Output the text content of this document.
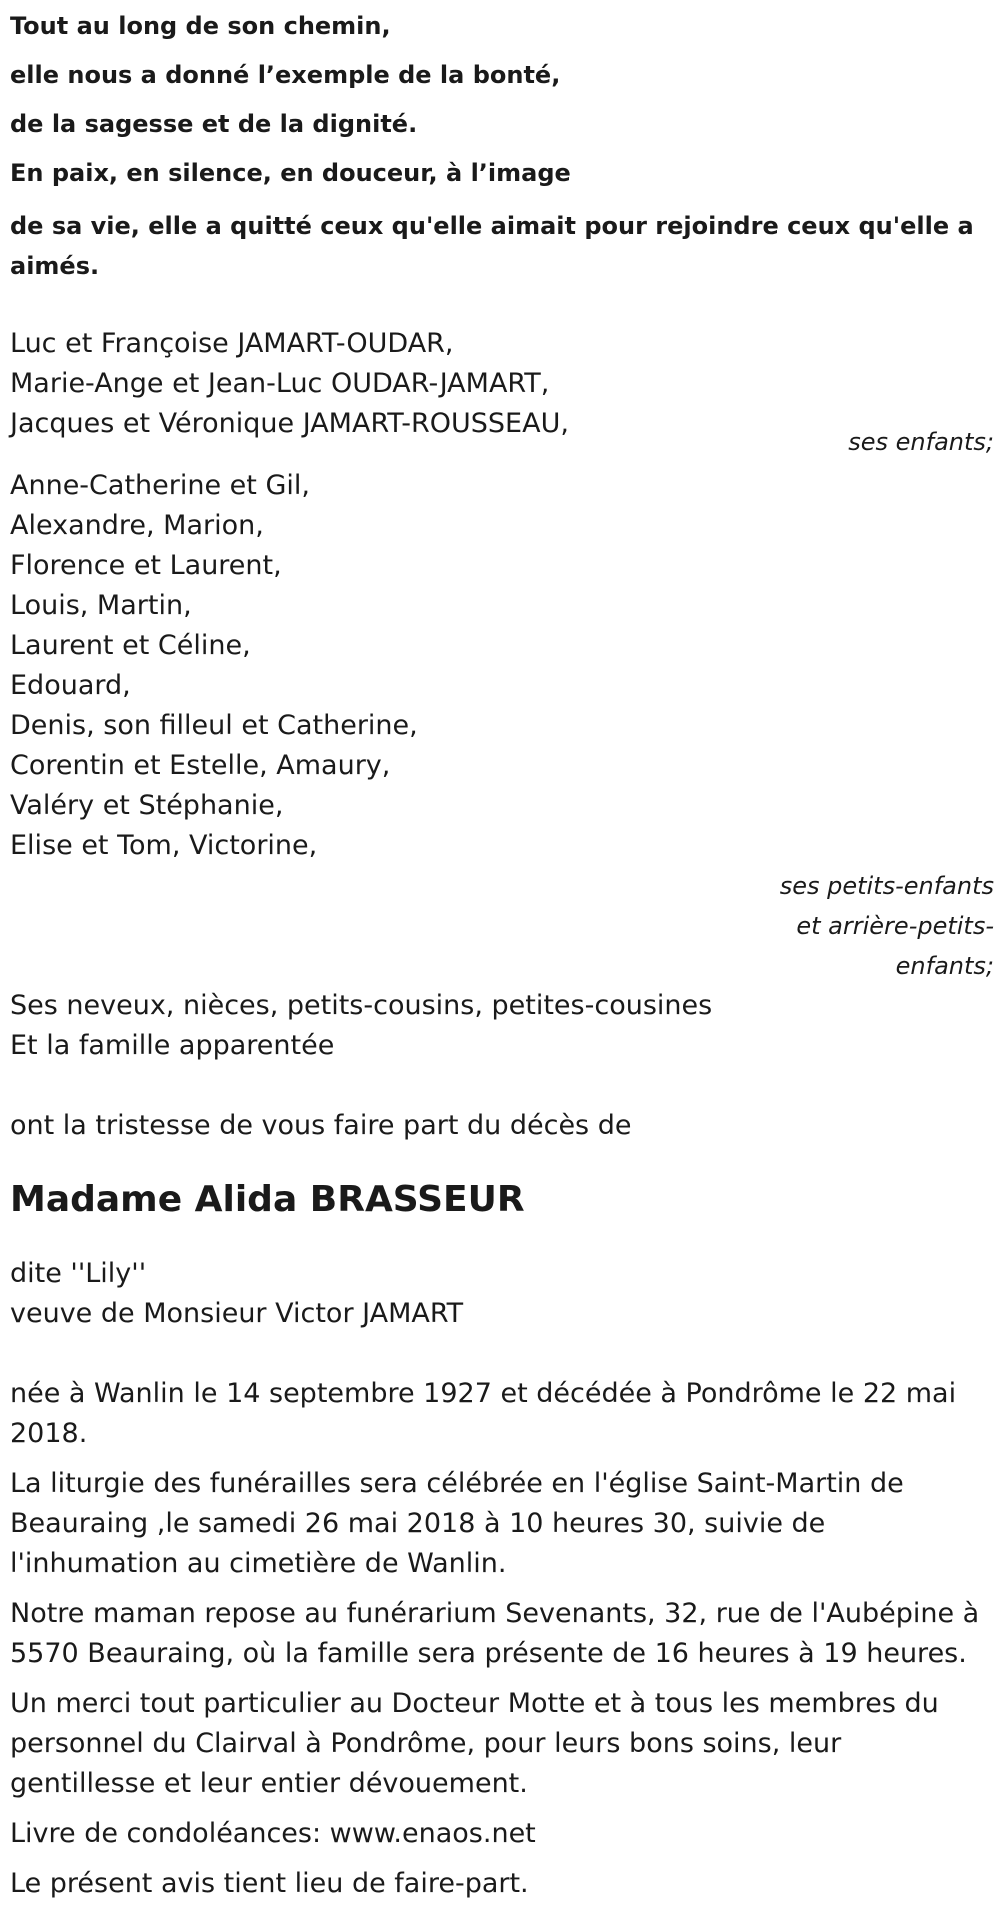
Tout au long de son chemin,

elle nous a donné l’exemple de la bonté,

de la sagesse et de la dignité.

En paix, en silence, en douceur, à l’image

de sa vie, elle a quitté ceux qu'elle aimait pour rejoindre ceux qu'elle a aimés.

Luc et Françoise JAMART-OUDAR,

Marie-Ange et Jean-Luc OUDAR-JAMART,

Jacques et Véronique JAMART-ROUSSEAU,

ses enfants;

Anne-Catherine et Gil,

Alexandre, Marion,

Florence et Laurent,

Louis, Martin,

Laurent et Céline,

Edouard,

Denis, son filleul et Catherine,

Corentin et Estelle, Amaury,

Valéry et Stéphanie,

Elise et Tom, Victorine,

ses petits-enfants

et arrière-petits-

enfants;

Ses neveux, nièces, petits-cousins, petites-cousines

Et la famille apparentée

ont la tristesse de vous faire part du décès de

Madame Alida BRASSEUR

dite ''Lily''

veuve de Monsieur Victor JAMART

née à Wanlin le 14 septembre 1927 et décédée à Pondrôme le 22 mai 2018.

La liturgie des funérailles sera célébrée en l'église Saint-Martin de Beauraing ,le samedi 26 mai 2018 à 10 heures 30, suivie de l'inhumation au cimetière de Wanlin.

Notre maman repose au funérarium Sevenants, 32, rue de l'Aubépine à 5570 Beauraing, où la famille sera présente de 16 heures à 19 heures.

Un merci tout particulier au Docteur Motte et à tous les membres du personnel du Clairval à Pondrôme, pour leurs bons soins, leur gentillesse et leur entier dévouement.

Livre de condoléances: www.enaos.net

Le présent avis tient lieu de faire-part.
